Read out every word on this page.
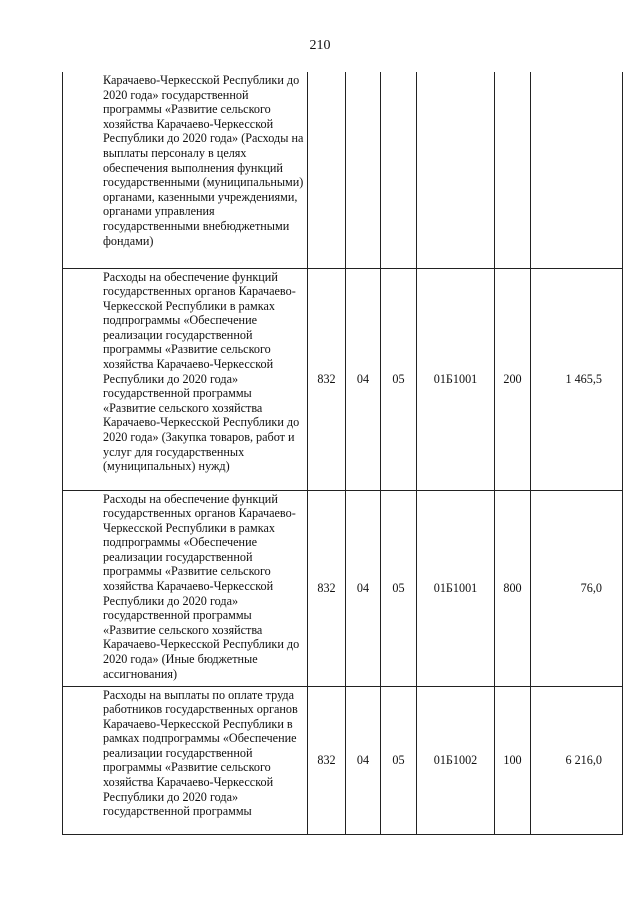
210
Карачаево-Черкесской Республики до 2020 года» государственной программы «Развитие сельского хозяйства Карачаево-Черкесской Республики до 2020 года» (Расходы на выплаты персоналу в целях обеспечения выполнения функций государственными (муниципальными) органами, казенными учреждениями, органами управления государственными внебюджетными фондами)						
Расходы на обеспечение функций государственных органов Карачаево-Черкесской Республики в рамках подпрограммы «Обеспечение реализации государственной программы «Развитие сельского хозяйства Карачаево-Черкесской Республики до 2020 года» государственной программы «Развитие сельского хозяйства Карачаево-Черкесской Республики до 2020 года» (Закупка товаров, работ и услуг для государственных (муниципальных) нужд)	832	04	05	01Б1001	200	1 465,5
Расходы на обеспечение функций государственных органов Карачаево-Черкесской Республики в рамках подпрограммы «Обеспечение реализации государственной программы «Развитие сельского хозяйства Карачаево-Черкесской Республики до 2020 года» государственной программы «Развитие сельского хозяйства Карачаево-Черкесской Республики до 2020 года» (Иные бюджетные ассигнования)	832	04	05	01Б1001	800	76,0
Расходы на выплаты по оплате труда работников государственных органов Карачаево-Черкесской Республики в рамках подпрограммы «Обеспечение реализации государственной программы «Развитие сельского хозяйства Карачаево-Черкесской Республики до 2020 года» государственной программы	832	04	05	01Б1002	100	6 216,0
